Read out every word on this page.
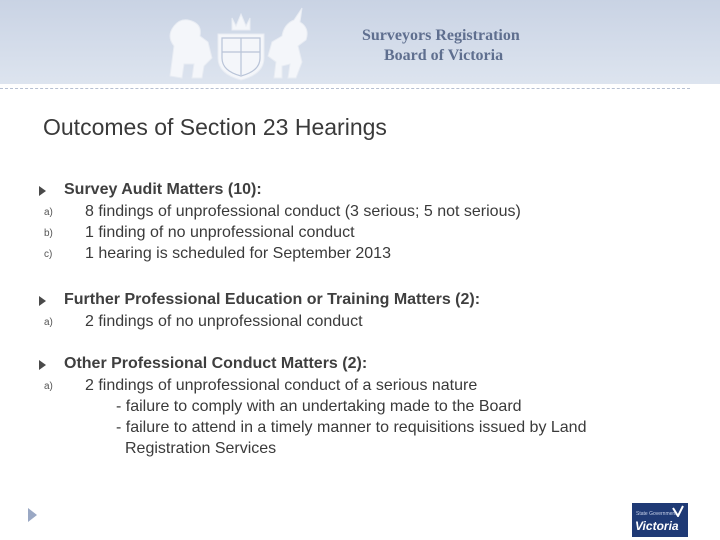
Surveyors Registration
Board of Victoria
Outcomes of Section 23 Hearings
Survey Audit Matters (10):
a) 8 findings of unprofessional conduct (3 serious; 5 not serious)
b) 1 finding of no unprofessional conduct
c) 1 hearing is scheduled for September 2013
Further Professional Education or Training Matters (2):
a) 2 findings of no unprofessional conduct
Other Professional Conduct Matters (2):
a) 2 findings of unprofessional conduct of a serious nature
- failure to comply with an undertaking made to the Board
- failure to attend in a timely manner to requisitions issued by Land
Registration Services
State Government
Victoria
